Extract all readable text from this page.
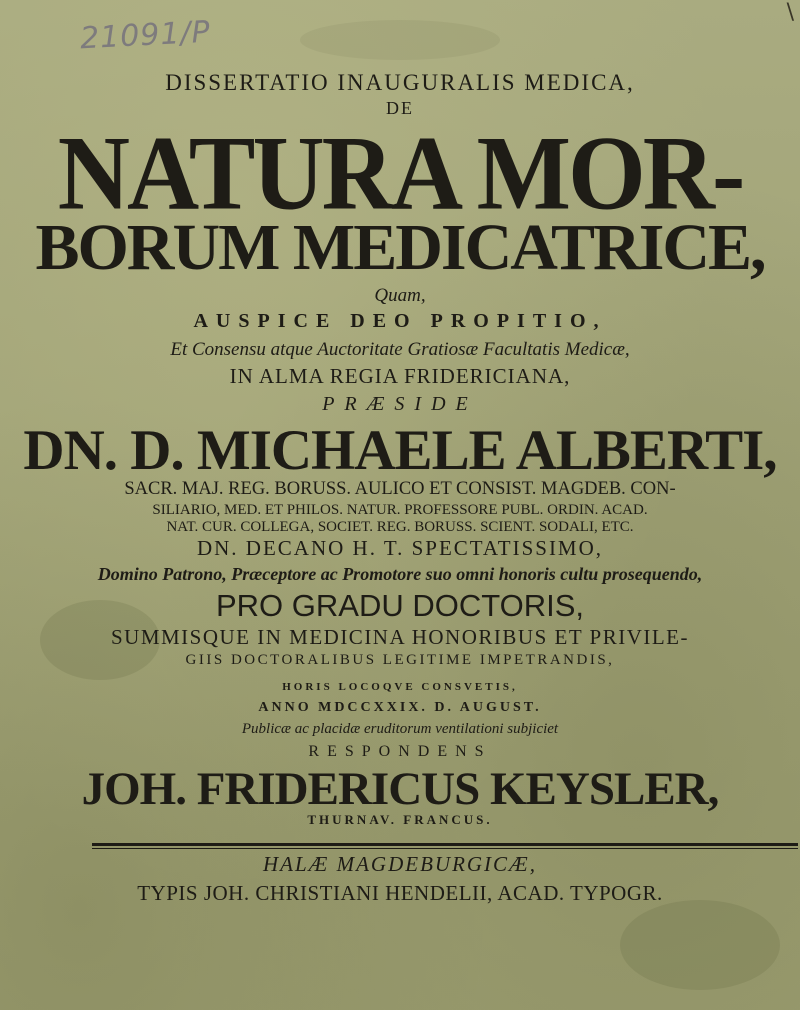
21091/P
\
DISSERTATIO INAUGURALIS MEDICA,
DE
NATURA MOR-
BORUM MEDICATRICE,
Quam,
AUSPICE DEO PROPITIO,
Et Consensu atque Auctoritate Gratiosæ Facultatis Medicæ,
IN ALMA REGIA FRIDERICIANA,
PRÆSIDE
DN. D. MICHAELE ALBERTI,
SACR. MAJ. REG. BORUSS. AULICO ET CONSIST. MAGDEB. CON-
SILIARIO, MED. ET PHILOS. NATUR. PROFESSORE PUBL. ORDIN. ACAD.
NAT. CUR. COLLEGA, SOCIET. REG. BORUSS. SCIENT. SODALI, ETC.
DN. DECANO H. T. SPECTATISSIMO,
Domino Patrono, Præceptore ac Promotore suo omni honoris cultu prosequendo,
PRO GRADU DOCTORIS,
SUMMISQUE IN MEDICINA HONORIBUS ET PRIVILE-
GIIS DOCTORALIBUS LEGITIME IMPETRANDIS,
HORIS LOCOQVE CONSVETIS,
ANNO MDCCXXIX. D. AUGUST.
Publicæ ac placidæ eruditorum ventilationi subjiciet
RESPONDENS
JOH. FRIDERICUS KEYSLER,
THURNAV. FRANCUS.
HALÆ MAGDEBURGICÆ,
TYPIS JOH. CHRISTIANI HENDELII, ACAD. TYPOGR.
